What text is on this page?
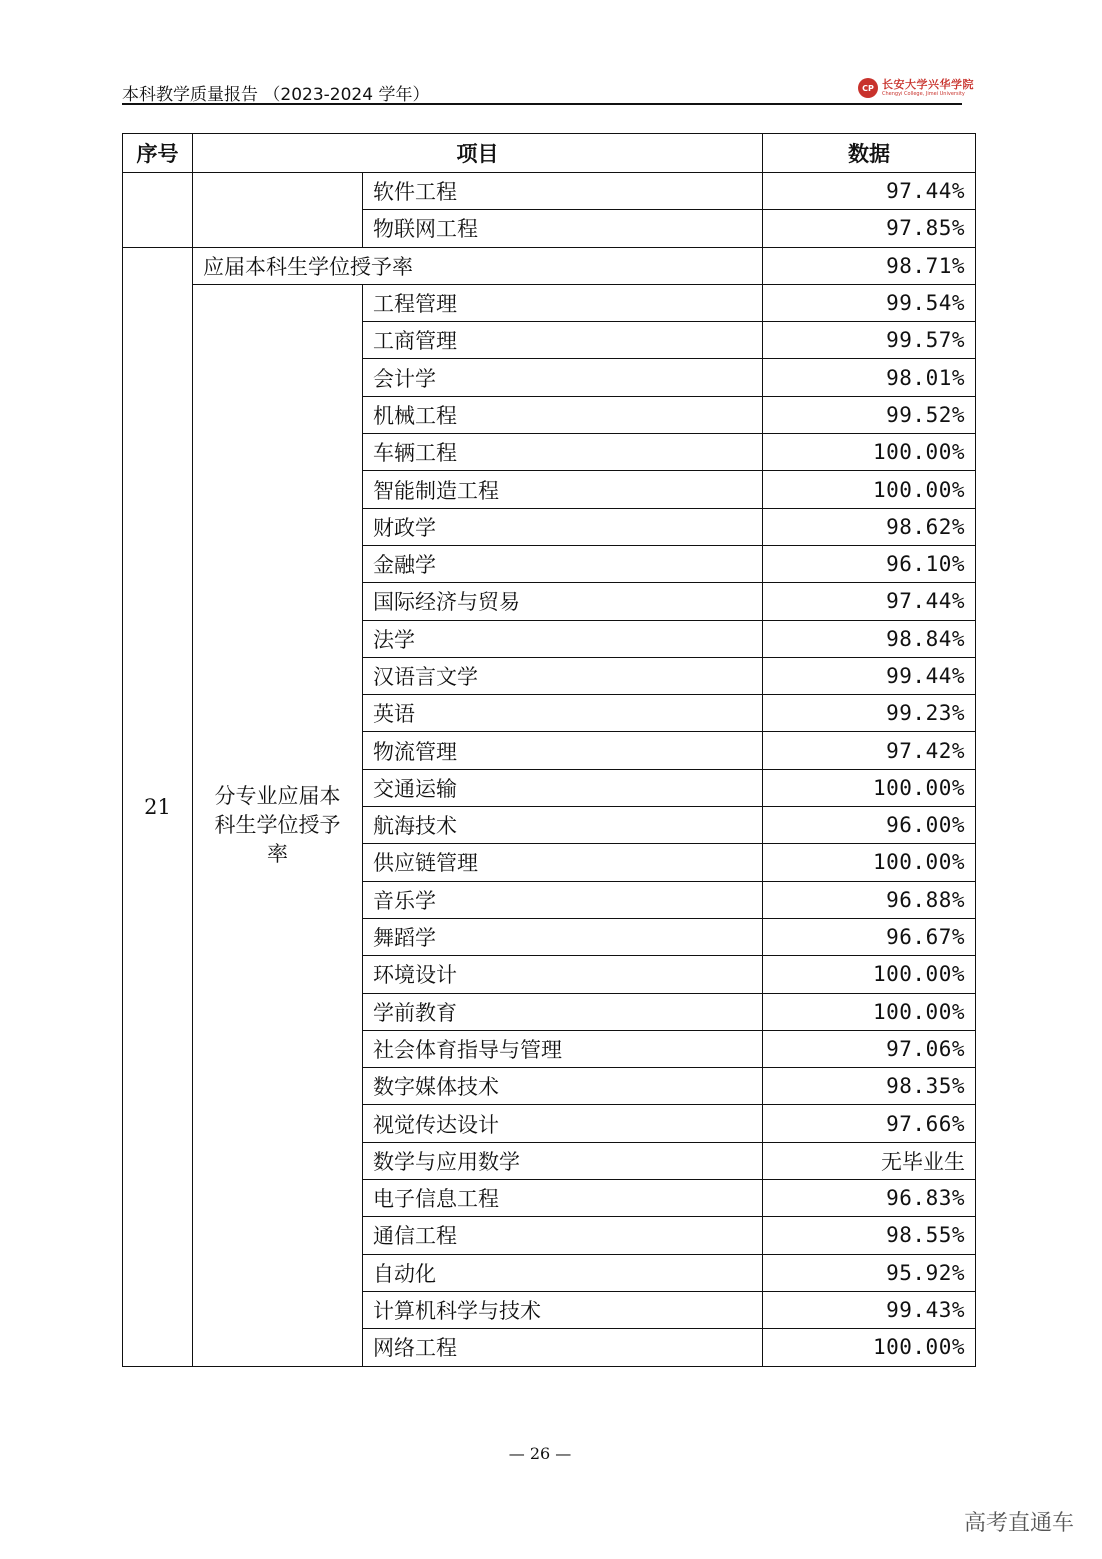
本科教学质量报告 （2023-2024 学年）	CP 长安大学兴华学院
Chengyi College, Jimei University
序号	项目		数据
		软件工程	97.44%
		物联网工程	97.85%
21	应届本科生学位授予率		98.71%
	分专业应届本科生学位授予率	工程管理	99.54%
		工商管理	99.57%
		会计学	98.01%
		机械工程	99.52%
		车辆工程	100.00%
		智能制造工程	100.00%
		财政学	98.62%
		金融学	96.10%
		国际经济与贸易	97.44%
		法学	98.84%
		汉语言文学	99.44%
		英语	99.23%
		物流管理	97.42%
		交通运输	100.00%
		航海技术	96.00%
		供应链管理	100.00%
		音乐学	96.88%
		舞蹈学	96.67%
		环境设计	100.00%
		学前教育	100.00%
		社会体育指导与管理	97.06%
		数字媒体技术	98.35%
		视觉传达设计	97.66%
		数学与应用数学	无毕业生
		电子信息工程	96.83%
		通信工程	98.55%
		自动化	95.92%
		计算机科学与技术	99.43%
		网络工程	100.00%
— 26 —
高考直通车
